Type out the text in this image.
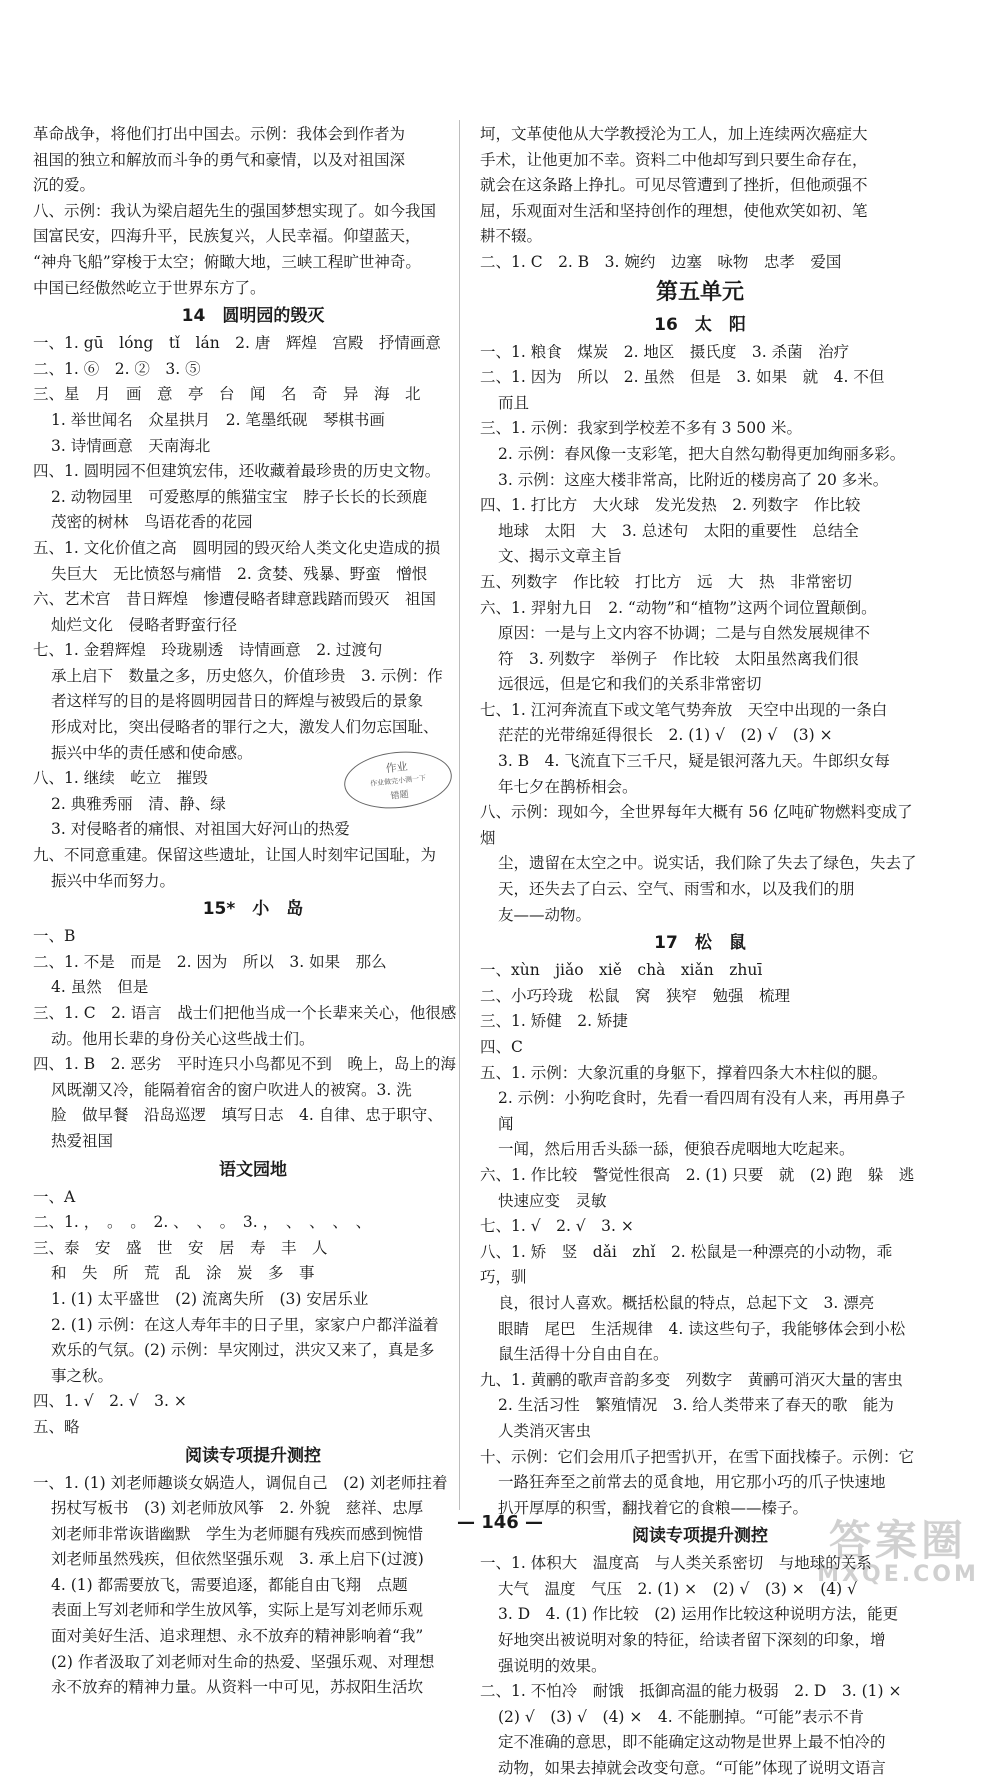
革命战争，将他们打出中国去。示例：我体会到作者为

祖国的独立和解放而斗争的勇气和豪情，以及对祖国深

沉的爱。

八、示例：我认为梁启超先生的强国梦想实现了。如今我国

国富民安，四海升平，民族复兴，人民幸福。仰望蓝天，

“神舟飞船”穿梭于太空；俯瞰大地，三峡工程旷世神奇。

中国已经傲然屹立于世界东方了。

14　圆明园的毁灭

一、1. gū　lóng　tǐ　lán　2. 唐　辉煌　宫殿　抒情画意

二、1. ⑥　2. ②　3. ⑤

三、星　月　画　意　亭　台　闻　名　奇　异　海　北

1. 举世闻名　众星拱月　2. 笔墨纸砚　琴棋书画

3. 诗情画意　天南海北

四、1. 圆明园不但建筑宏伟，还收藏着最珍贵的历史文物。

2. 动物园里　可爱憨厚的熊猫宝宝　脖子长长的长颈鹿

茂密的树林　鸟语花香的花园

五、1. 文化价值之高　圆明园的毁灭给人类文化史造成的损

失巨大　无比愤怒与痛惜　2. 贪婪、残暴、野蛮　憎恨

六、艺术宫　昔日辉煌　惨遭侵略者肆意践踏而毁灭　祖国

灿烂文化　侵略者野蛮行径

七、1. 金碧辉煌　玲珑剔透　诗情画意　2. 过渡句

承上启下　数量之多，历史悠久，价值珍贵　3. 示例：作

者这样写的目的是将圆明园昔日的辉煌与被毁后的景象

形成对比，突出侵略者的罪行之大，激发人们勿忘国耻、

振兴中华的责任感和使命感。

八、1. 继续　屹立　摧毁

2. 典雅秀丽　清、静、绿

3. 对侵略者的痛恨、对祖国大好河山的热爱

九、不同意重建。保留这些遗址，让国人时刻牢记国耻，为

振兴中华而努力。

15*　小　岛

一、B

二、1. 不是　而是　2. 因为　所以　3. 如果　那么

4. 虽然　但是

三、1. C　2. 语言　战士们把他当成一个长辈来关心，他很感

动。他用长辈的身份关心这些战士们。

四、1. B　2. 恶劣　平时连只小鸟都见不到　晚上，岛上的海

风既潮又冷，能隔着宿舍的窗户吹进人的被窝。3. 洗

脸　做早餐　沿岛巡逻　填写日志　4. 自律、忠于职守、

热爱祖国

语文园地

一、A

二、1. ，　。　。　2. 、　、　。　3. ，　、　、　、　、

三、泰　安　盛　世　安　居　寿　丰　人

和　失　所　荒　乱　涂　炭　多　事

1. (1) 太平盛世　(2) 流离失所　(3) 安居乐业

2. (1) 示例：在这人寿年丰的日子里，家家户户都洋溢着

欢乐的气氛。(2) 示例：旱灾刚过，洪灾又来了，真是多

事之秋。

四、1. √　2. √　3. ×

五、略

阅读专项提升测控

一、1. (1) 刘老师趣谈女娲造人，调侃自己　(2) 刘老师拄着

拐杖写板书　(3) 刘老师放风筝　2. 外貌　慈祥、忠厚

刘老师非常诙谐幽默　学生为老师腿有残疾而感到惋惜

刘老师虽然残疾，但依然坚强乐观　3. 承上启下(过渡)

4. (1) 都需要放飞，需要追逐，都能自由飞翔　点题

表面上写刘老师和学生放风筝，实际上是写刘老师乐观

面对美好生活、追求理想、永不放弃的精神影响着“我”

(2) 作者汲取了刘老师对生命的热爱、坚强乐观、对理想

永不放弃的精神力量。从资料一中可见，苏叔阳生活坎

坷，文革使他从大学教授沦为工人，加上连续两次癌症大

手术，让他更加不幸。资料二中他却写到只要生命存在，

就会在这条路上挣扎。可见尽管遭到了挫折，但他顽强不

屈，乐观面对生活和坚持创作的理想，使他欢笑如初、笔

耕不辍。

二、1. C　2. B　3. 婉约　边塞　咏物　忠孝　爱国

第五单元

16　太　阳

一、1. 粮食　煤炭　2. 地区　摄氏度　3. 杀菌　治疗

二、1. 因为　所以　2. 虽然　但是　3. 如果　就　4. 不但

而且

三、1. 示例：我家到学校差不多有 3 500 米。

2. 示例：春风像一支彩笔，把大自然勾勒得更加绚丽多彩。

3. 示例：这座大楼非常高，比附近的楼房高了 20 多米。

四、1. 打比方　大火球　发光发热　2. 列数字　作比较

地球　太阳　大　3. 总述句　太阳的重要性　总结全

文、揭示文章主旨

五、列数字　作比较　打比方　远　大　热　非常密切

六、1. 羿射九日　2. “动物”和“植物”这两个词位置颠倒。

原因：一是与上文内容不协调；二是与自然发展规律不

符　3. 列数字　举例子　作比较　太阳虽然离我们很

远很远，但是它和我们的关系非常密切

七、1. 江河奔流直下或文笔气势奔放　天空中出现的一条白

茫茫的光带绵延得很长　2. (1) √　(2) √　(3) ×

3. B　4. 飞流直下三千尺，疑是银河落九天。牛郎织女每

年七夕在鹊桥相会。

八、示例：现如今，全世界每年大概有 56 亿吨矿物燃料变成了烟

尘，遗留在太空之中。说实话，我们除了失去了绿色，失去了

天，还失去了白云、空气、雨雪和水，以及我们的朋

友——动物。

17　松　鼠

一、xùn　jiǎo　xiě　chà　xiǎn　zhuī

二、小巧玲珑　松鼠　窝　狭窄　勉强　梳理

三、1. 矫健　2. 矫捷

四、C

五、1. 示例：大象沉重的身躯下，撑着四条大木柱似的腿。

2. 示例：小狗吃食时，先看一看四周有没有人来，再用鼻子闻

一闻，然后用舌头舔一舔，便狼吞虎咽地大吃起来。

六、1. 作比较　警觉性很高　2. (1) 只要　就　(2) 跑　躲　逃

快速应变　灵敏

七、1. √　2. √　3. ×

八、1. 矫　竖　dǎi　zhǐ　2. 松鼠是一种漂亮的小动物，乖巧，驯

良，很讨人喜欢。概括松鼠的特点，总起下文　3. 漂亮

眼睛　尾巴　生活规律　4. 读这些句子，我能够体会到小松

鼠生活得十分自由自在。

九、1. 黄鹂的歌声音韵多变　列数字　黄鹂可消灭大量的害虫

2. 生活习性　繁殖情况　3. 给人类带来了春天的歌　能为

人类消灭害虫

十、示例：它们会用爪子把雪扒开，在雪下面找榛子。示例：它

一路狂奔至之前常去的觅食地，用它那小巧的爪子快速地

扒开厚厚的积雪，翻找着它的食粮——榛子。

阅读专项提升测控

一、1. 体积大　温度高　与人类关系密切　与地球的关系

大气　温度　气压　2. (1) ×　(2) √　(3) ×　(4) √

3. D　4. (1) 作比较　(2) 运用作比较这种说明方法，能更

好地突出被说明对象的特征，给读者留下深刻的印象，增

强说明的效果。

二、1. 不怕冷　耐饿　抵御高温的能力极弱　2. D　3. (1) ×

(2) √　(3) √　(4) ×　4. 不能删掉。“可能”表示不肯

定不准确的意思，即不能确定这动物是世界上最不怕冷的

动物，如果去掉就会改变句意。“可能”体现了说明文语言

作业
作业做完小测一下
错题
— 146 —	答案圈
MXQE.COM
